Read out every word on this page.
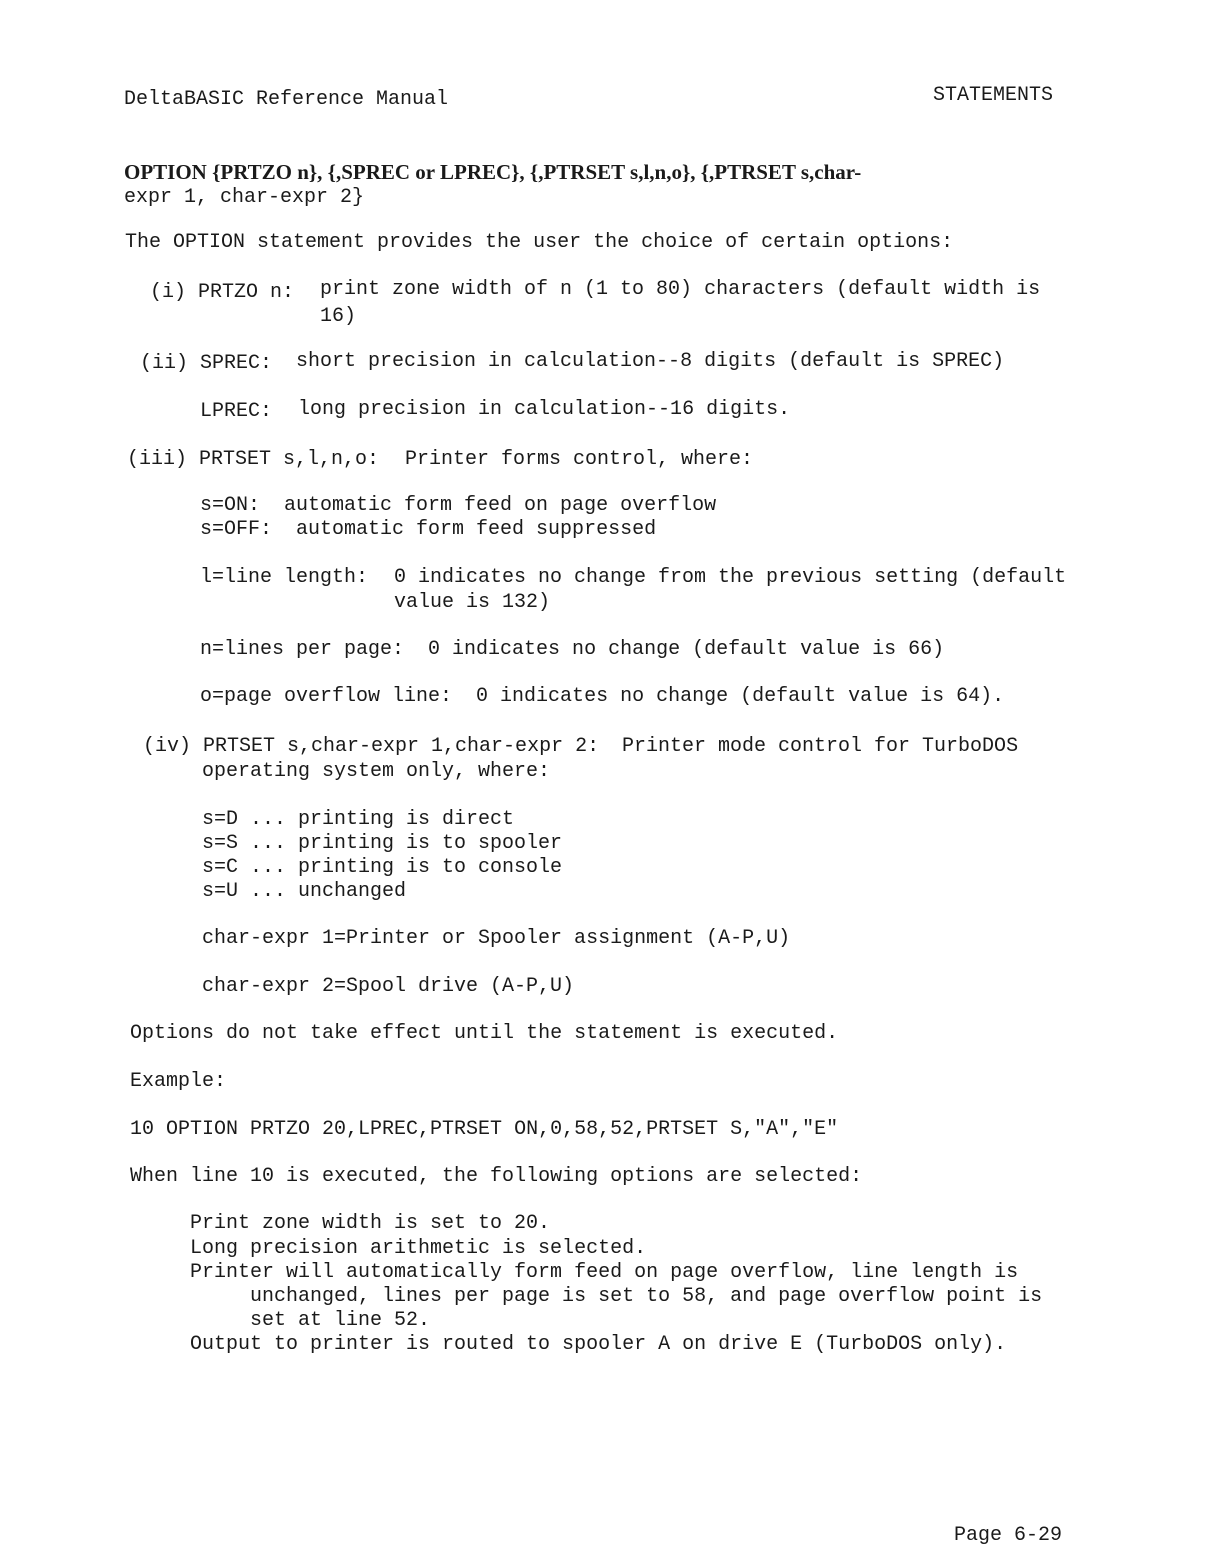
DeltaBASIC Reference Manual	STATEMENTS
OPTION {PRTZO n}, {,SPREC or LPREC}, {,PTRSET s,l,n,o}, {,PTRSET s,char-
expr 1, char-expr 2}
The OPTION statement provides the user the choice of certain options:
(i) PRTZO n: print zone width of n (1 to 80) characters (default width is
16)
(ii) SPREC: short precision in calculation--8 digits (default is SPREC)
LPREC: long precision in calculation--16 digits.
(iii) PRTSET s,l,n,o: Printer forms control, where:
s=ON:  automatic form feed on page overflow
s=OFF:  automatic form feed suppressed
l=line length: 0 indicates no change from the previous setting (default
value is 132)
n=lines per page:  0 indicates no change (default value is 66)
o=page overflow line:  0 indicates no change (default value is 64).
(iv) PRTSET s,char-expr 1,char-expr 2: Printer mode control for TurboDOS
operating system only, where:
s=D ... printing is direct
s=S ... printing is to spooler
s=C ... printing is to console
s=U ... unchanged
char-expr 1=Printer or Spooler assignment (A-P,U)
char-expr 2=Spool drive (A-P,U)
Options do not take effect until the statement is executed.
Example:
10 OPTION PRTZO 20,LPREC,PTRSET ON,0,58,52,PRTSET S,"A","E"
When line 10 is executed, the following options are selected:
Print zone width is set to 20.
Long precision arithmetic is selected.
Printer will automatically form feed on page overflow, line length is
unchanged, lines per page is set to 58, and page overflow point is
set at line 52.
Output to printer is routed to spooler A on drive E (TurboDOS only).
Page 6-29
